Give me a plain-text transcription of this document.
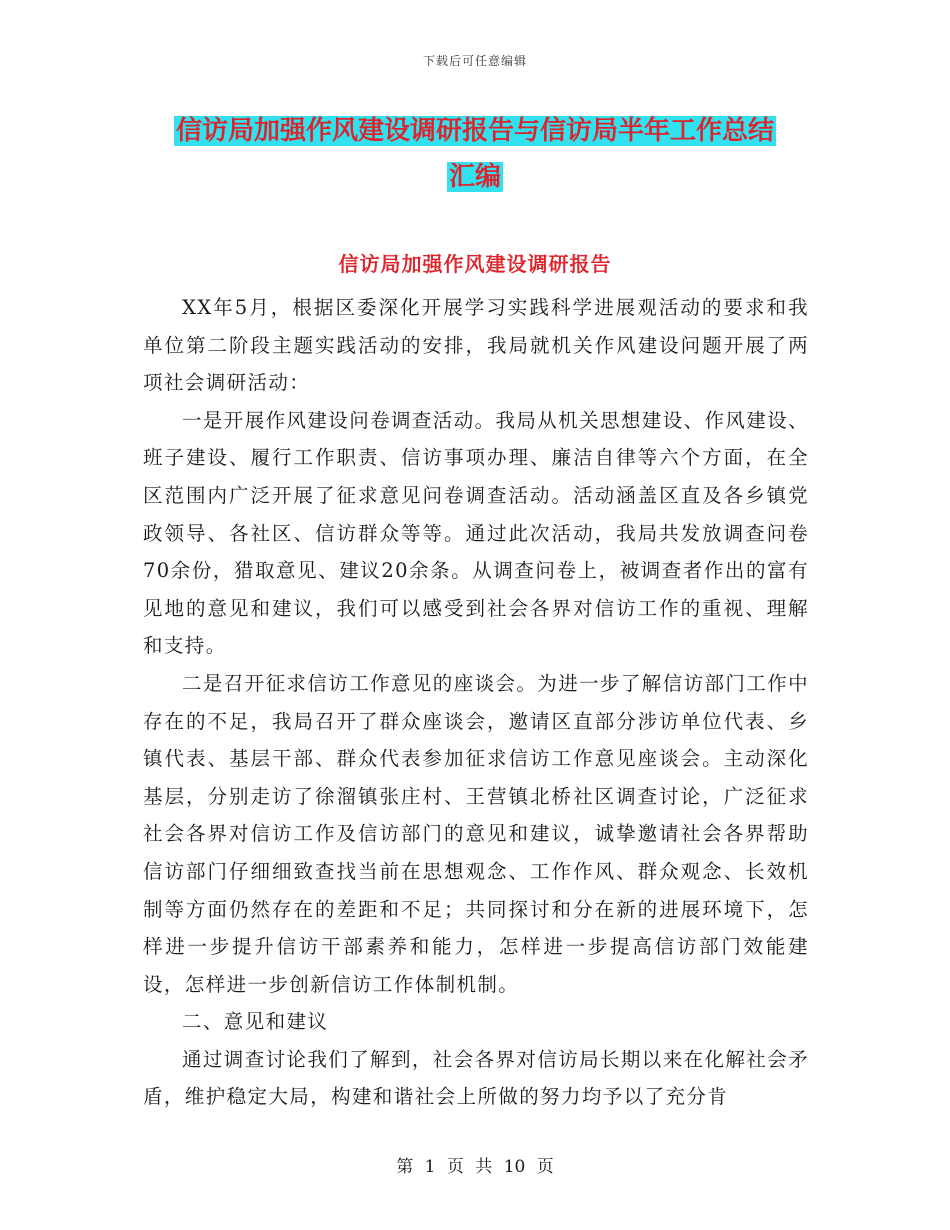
下载后可任意编辑
信访局加强作风建设调研报告与信访局半年工作总结
汇编
信访局加强作风建设调研报告

XX年5月，根据区委深化开展学习实践科学进展观活动的要求和我单位第二阶段主题实践活动的安排，我局就机关作风建设问题开展了两项社会调研活动：

一是开展作风建设问卷调查活动。我局从机关思想建设、作风建设、班子建设、履行工作职责、信访事项办理、廉洁自律等六个方面，在全区范围内广泛开展了征求意见问卷调查活动。活动涵盖区直及各乡镇党政领导、各社区、信访群众等等。通过此次活动，我局共发放调查问卷70余份，猎取意见、建议20余条。从调查问卷上，被调查者作出的富有见地的意见和建议，我们可以感受到社会各界对信访工作的重视、理解和支持。

二是召开征求信访工作意见的座谈会。为进一步了解信访部门工作中存在的不足，我局召开了群众座谈会，邀请区直部分涉访单位代表、乡镇代表、基层干部、群众代表参加征求信访工作意见座谈会。主动深化基层，分别走访了徐溜镇张庄村、王营镇北桥社区调查讨论，广泛征求社会各界对信访工作及信访部门的意见和建议，诚挚邀请社会各界帮助信访部门仔细细致查找当前在思想观念、工作作风、群众观念、长效机制等方面仍然存在的差距和不足；共同探讨和分在新的进展环境下，怎样进一步提升信访干部素养和能力，怎样进一步提高信访部门效能建设，怎样进一步创新信访工作体制机制。

二、意见和建议

通过调查讨论我们了解到，社会各界对信访局长期以来在化解社会矛盾，维护稳定大局，构建和谐社会上所做的努力均予以了充分肯

第 1 页 共 10 页
